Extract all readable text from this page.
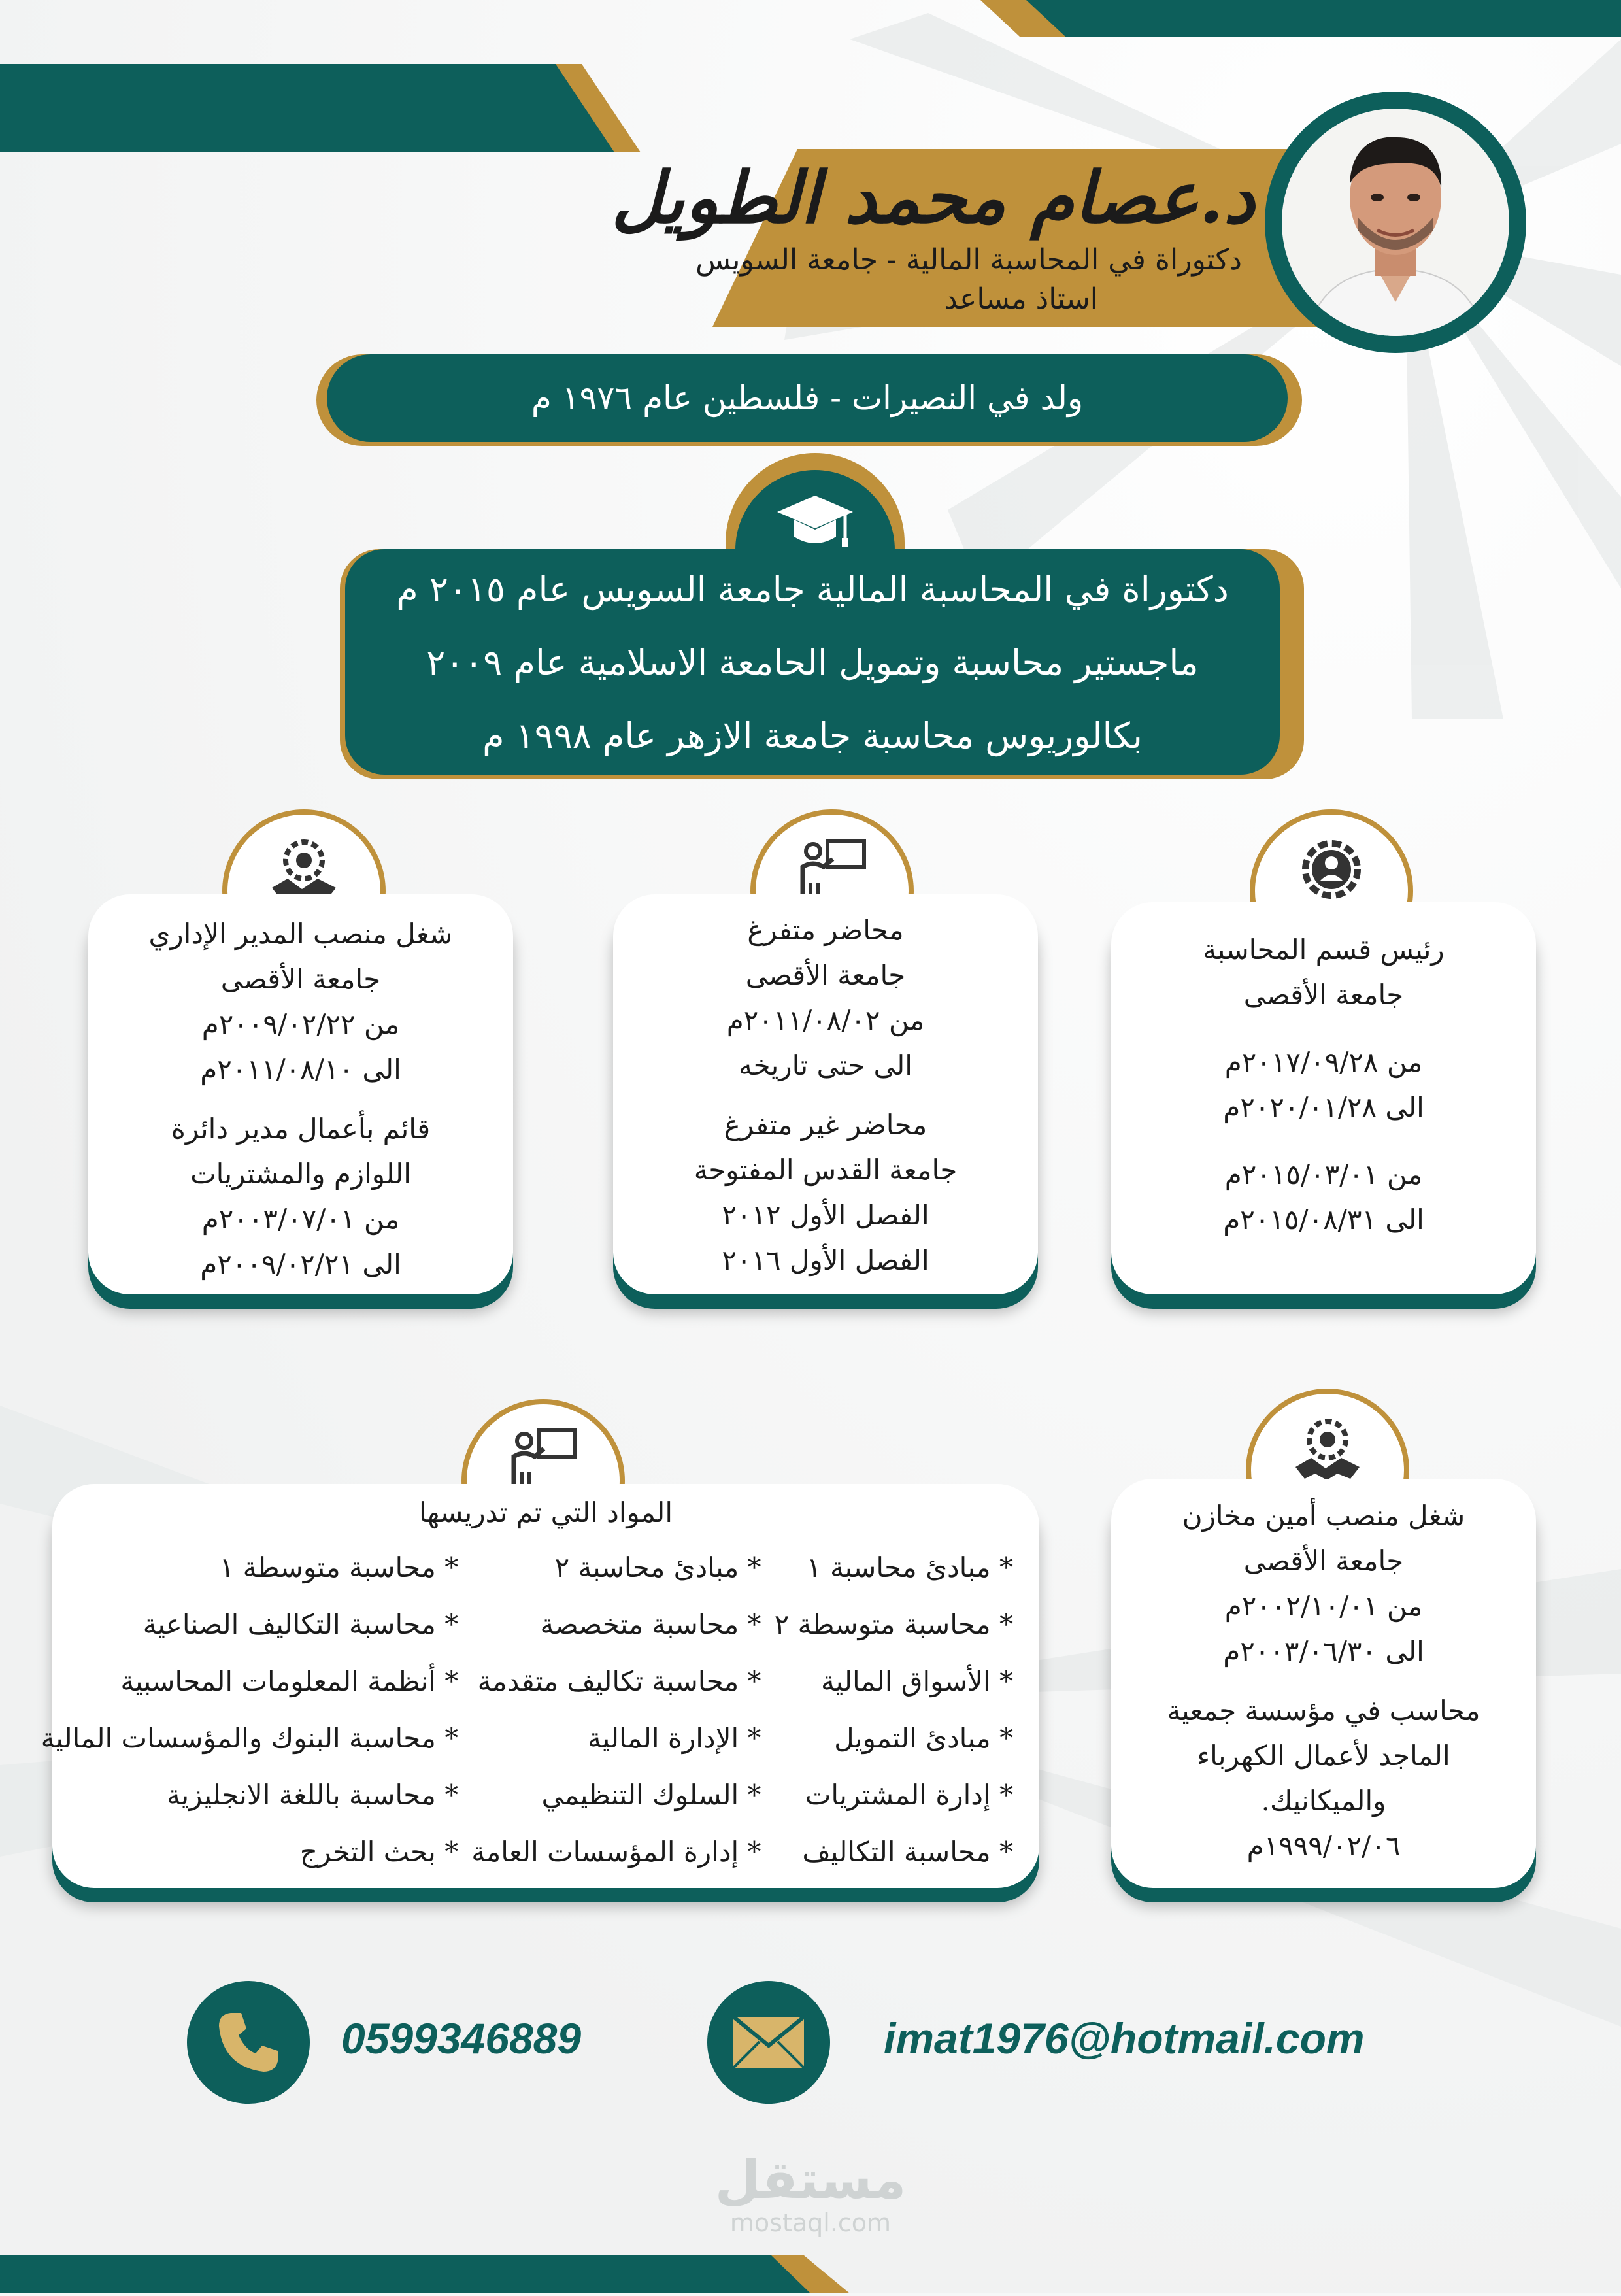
د.عصام محمد الطويل
دكتوراة في المحاسبة المالية - جامعة السويس
استاذ مساعد
ولد في النصيرات - فلسطين عام ١٩٧٦ م
دكتوراة في المحاسبة المالية جامعة السويس عام ٢٠١٥ م
ماجستير محاسبة وتمويل الحامعة الاسلامية عام ٢٠٠٩
بكالوريوس محاسبة جامعة الازهر عام ١٩٩٨ م

رئيس قسم المحاسبة

جامعة الأقصى

من ٢٠١٧/٠٩/٢٨م

الى ٢٠٢٠/٠١/٢٨م

من ٢٠١٥/٠٣/٠١م

الى ٢٠١٥/٠٨/٣١م

محاضر متفرغ

جامعة الأقصى

من ٢٠١١/٠٨/٠٢م

الى حتى تاريخه

محاضر غير متفرغ

جامعة القدس المفتوحة

الفصل الأول ٢٠١٢

الفصل الأول ٢٠١٦

شغل منصب المدير الإداري

جامعة الأقصى

من ٢٠٠٩/٠٢/٢٢م

الى ٢٠١١/٠٨/١٠م

قائم بأعمال مدير دائرة

اللوازم والمشتريات

من ٢٠٠٣/٠٧/٠١م

الى ٢٠٠٩/٠٢/٢١م

المواد التي تم تدريسها
* مبادئ محاسبة ١
* مبادئ محاسبة ٢
* محاسبة متوسطة ١
* محاسبة متوسطة ٢
* محاسبة متخصصة
* محاسبة التكاليف الصناعية
* الأسواق المالية
* محاسبة تكاليف متقدمة
* أنظمة المعلومات المحاسبية
* مبادئ التمويل
* الإدارة المالية
* محاسبة البنوك والمؤسسات المالية
* إدارة المشتريات
* السلوك التنظيمي
* محاسبة باللغة الانجليزية
* محاسبة التكاليف
* إدارة المؤسسات العامة
* بحث التخرج

شغل منصب أمين مخازن

جامعة الأقصى

من ٢٠٠٢/١٠/٠١م

الى ٢٠٠٣/٠٦/٣٠م

محاسب في مؤسسة جمعية

الماجد لأعمال الكهرباء

والميكانيك.

١٩٩٩/٠٢/٠٦م

0599346889	imat1976@hotmail.com
مستقل
mostaql.com
